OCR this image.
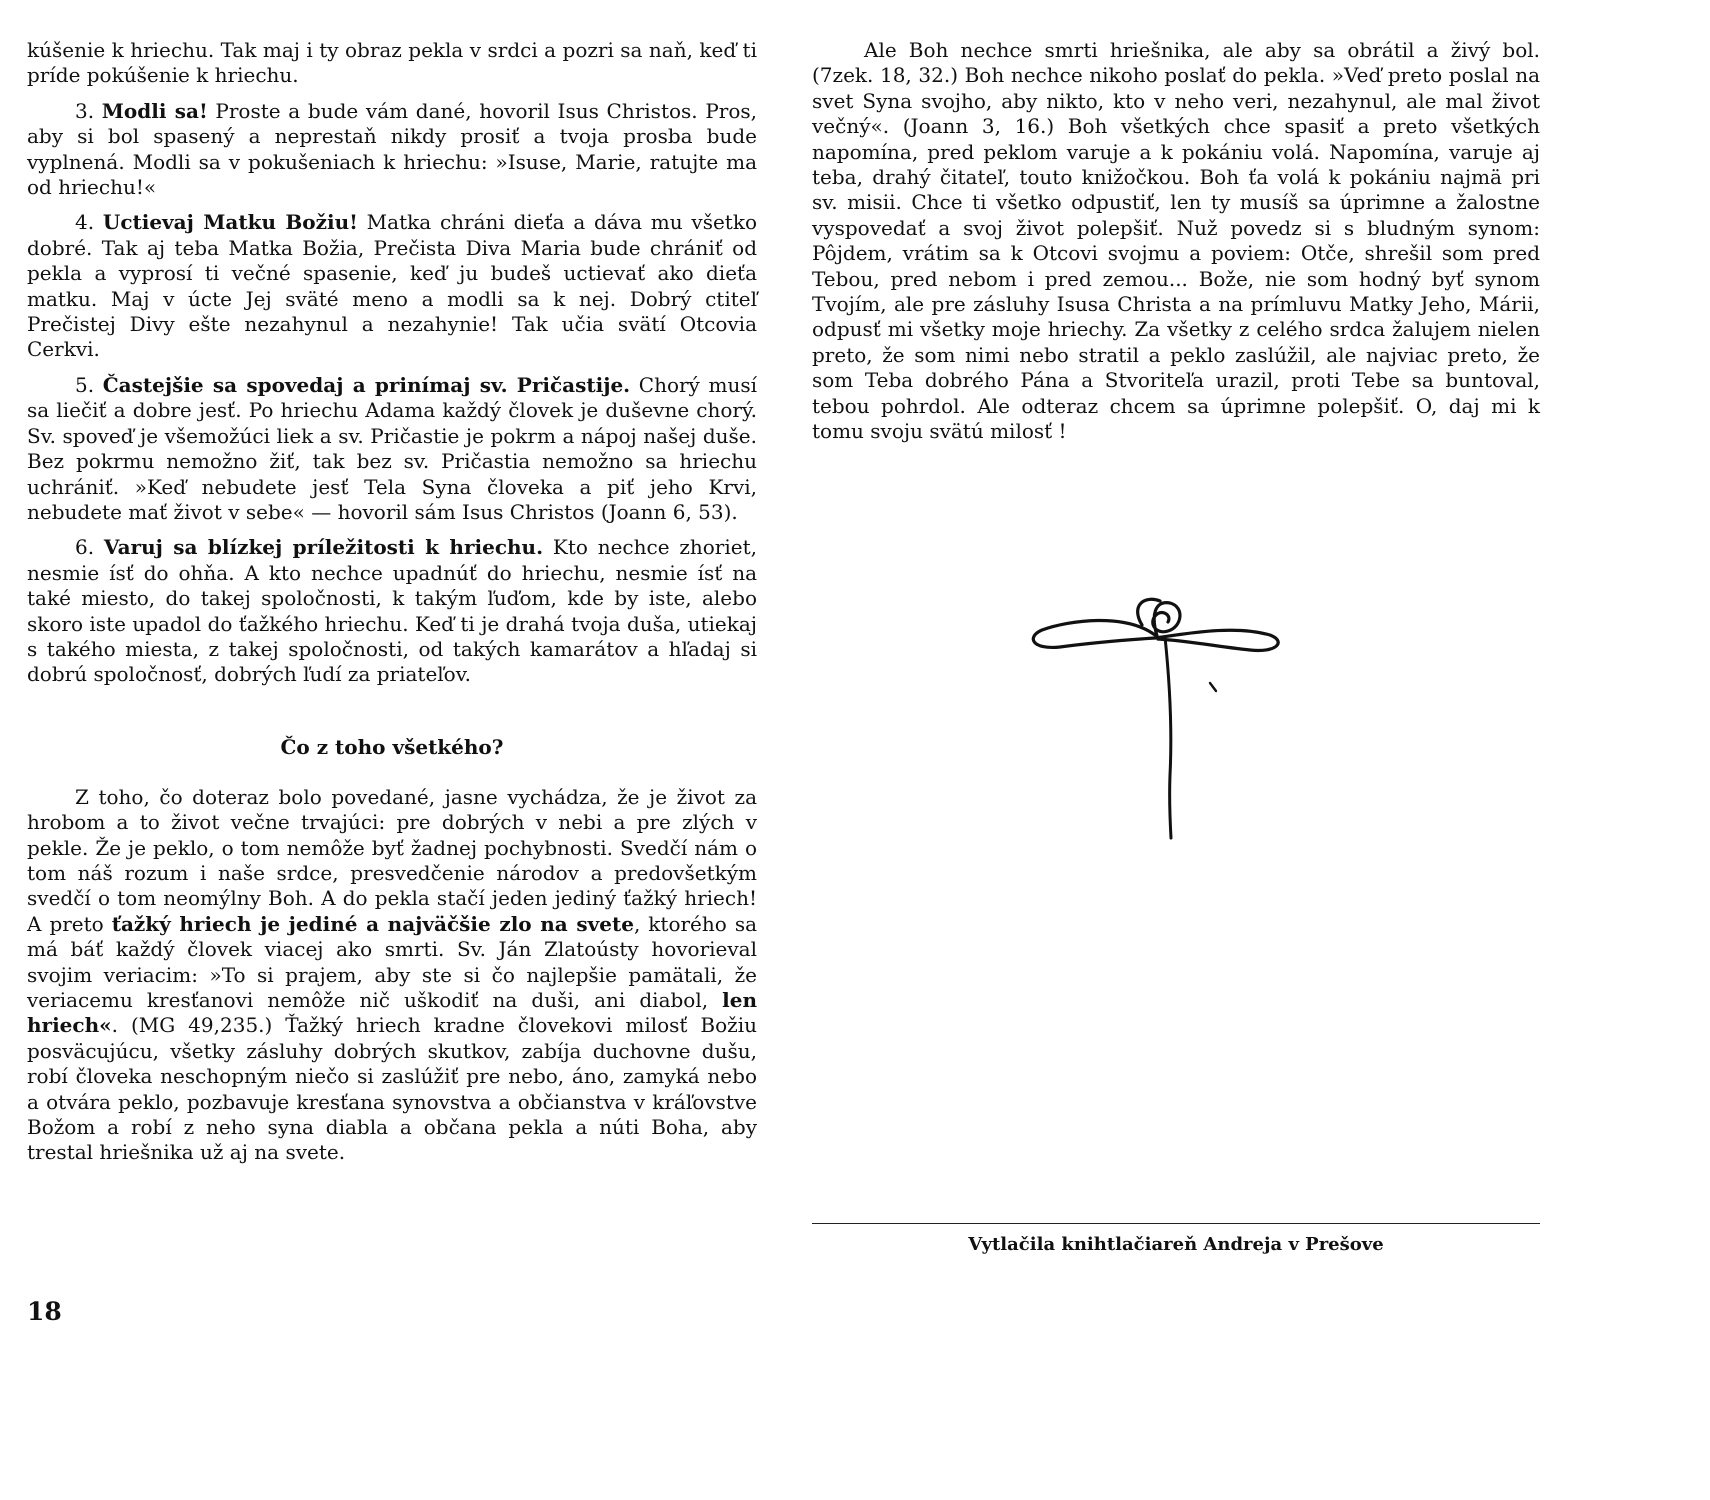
kúšenie k hriechu. Tak maj i ty obraz pekla v srdci a pozri sa naň, keď ti príde pokúšenie k hriechu.

3. Modli sa! Proste a bude vám dané, hovoril Isus Christos. Pros, aby si bol spasený a neprestaň nikdy prosiť a tvoja prosba bude vyplnená. Modli sa v pokušeniach k hriechu: »Isuse, Marie, ratujte ma od hriechu!«

4. Uctievaj Matku Božiu! Matka chráni dieťa a dáva mu všetko dobré. Tak aj teba Matka Božia, Prečista Diva Maria bude chrániť od pekla a vyprosí ti večné spasenie, keď ju budeš uctievať ako dieťa matku. Maj v úcte Jej sväté meno a modli sa k nej. Dobrý ctiteľ Prečistej Divy ešte nezahynul a nezahynie! Tak učia svätí Otcovia Cerkvi.

5. Častejšie sa spovedaj a prinímaj sv. Pričastije. Chorý musí sa liečiť a dobre jesť. Po hriechu Adama každý človek je duševne chorý. Sv. spoveď je všemožúci liek a sv. Pričastie je pokrm a nápoj našej duše. Bez pokrmu nemožno žiť, tak bez sv. Pričastia nemožno sa hriechu uchrániť. »Keď nebudete jesť Tela Syna človeka a piť jeho Krvi, nebudete mať život v sebe« — hovoril sám Isus Christos (Joann 6, 53).

6. Varuj sa blízkej príležitosti k hriechu. Kto nechce zhoriet, nesmie ísť do ohňa. A kto nechce upadnúť do hriechu, nesmie ísť na také miesto, do takej spoločnosti, k takým ľuďom, kde by iste, alebo skoro iste upadol do ťažkého hriechu. Keď ti je drahá tvoja duša, utiekaj s takého miesta, z takej spoločnosti, od takých kamarátov a hľadaj si dobrú spoločnosť, dobrých ľudí za priateľov.

Čo z toho všetkého?

Z toho, čo doteraz bolo povedané, jasne vychádza, že je život za hrobom a to život večne trvajúci: pre dobrých v nebi a pre zlých v pekle. Že je peklo, o tom nemôže byť žadnej pochybnosti. Svedčí nám o tom náš rozum i naše srdce, presvedčenie národov a predovšetkým svedčí o tom neomýlny Boh. A do pekla stačí jeden jediný ťažký hriech! A preto ťažký hriech je jediné a najväčšie zlo na svete, ktorého sa má báť každý človek viacej ako smrti. Sv. Ján Zlatoústy hovorieval svojim veriacim: »To si prajem, aby ste si čo najlepšie pamätali, že veriacemu kresťanovi nemôže nič uškodiť na duši, ani diabol, len hriech«. (MG 49,235.) Ťažký hriech kradne človekovi milosť Božiu posväcujúcu, všetky zásluhy dobrých skutkov, zabíja duchovne dušu, robí človeka neschopným niečo si zaslúžiť pre nebo, áno, zamyká nebo a otvára peklo, pozbavuje kresťana synovstva a občianstva v kráľovstve Božom a robí z neho syna diabla a občana pekla a núti Boha, aby trestal hriešnika už aj na svete.

Ale Boh nechce smrti hriešnika, ale aby sa obrátil a živý bol. (7zek. 18, 32.) Boh nechce nikoho poslať do pekla. »Veď preto poslal na svet Syna svojho, aby nikto, kto v neho veri, nezahynul, ale mal život večný«. (Joann 3, 16.) Boh všetkých chce spasiť a preto všetkých napomína, pred peklom varuje a k pokániu volá. Napomína, varuje aj teba, drahý čitateľ, touto knižočkou. Boh ťa volá k pokániu najmä pri sv. misii. Chce ti všetko odpustiť, len ty musíš sa úprimne a žalostne vyspovedať a svoj život polepšiť. Nuž povedz si s bludným synom: Pôjdem, vrátim sa k Otcovi svojmu a poviem: Otče, shrešil som pred Tebou, pred nebom i pred zemou... Bože, nie som hodný byť synom Tvojím, ale pre zásluhy Isusa Christa a na prímluvu Matky Jeho, Márii, odpusť mi všetky moje hriechy. Za všetky z celého srdca žalujem nielen preto, že som nimi nebo stratil a peklo zaslúžil, ale najviac preto, že som Teba dobrého Pána a Stvoriteľa urazil, proti Tebe sa buntoval, tebou pohrdol. Ale odteraz chcem sa úprimne polepšiť. O, daj mi k tomu svoju svätú milosť !

Vytlačila knihtlačiareň Andreja v Prešove
18
